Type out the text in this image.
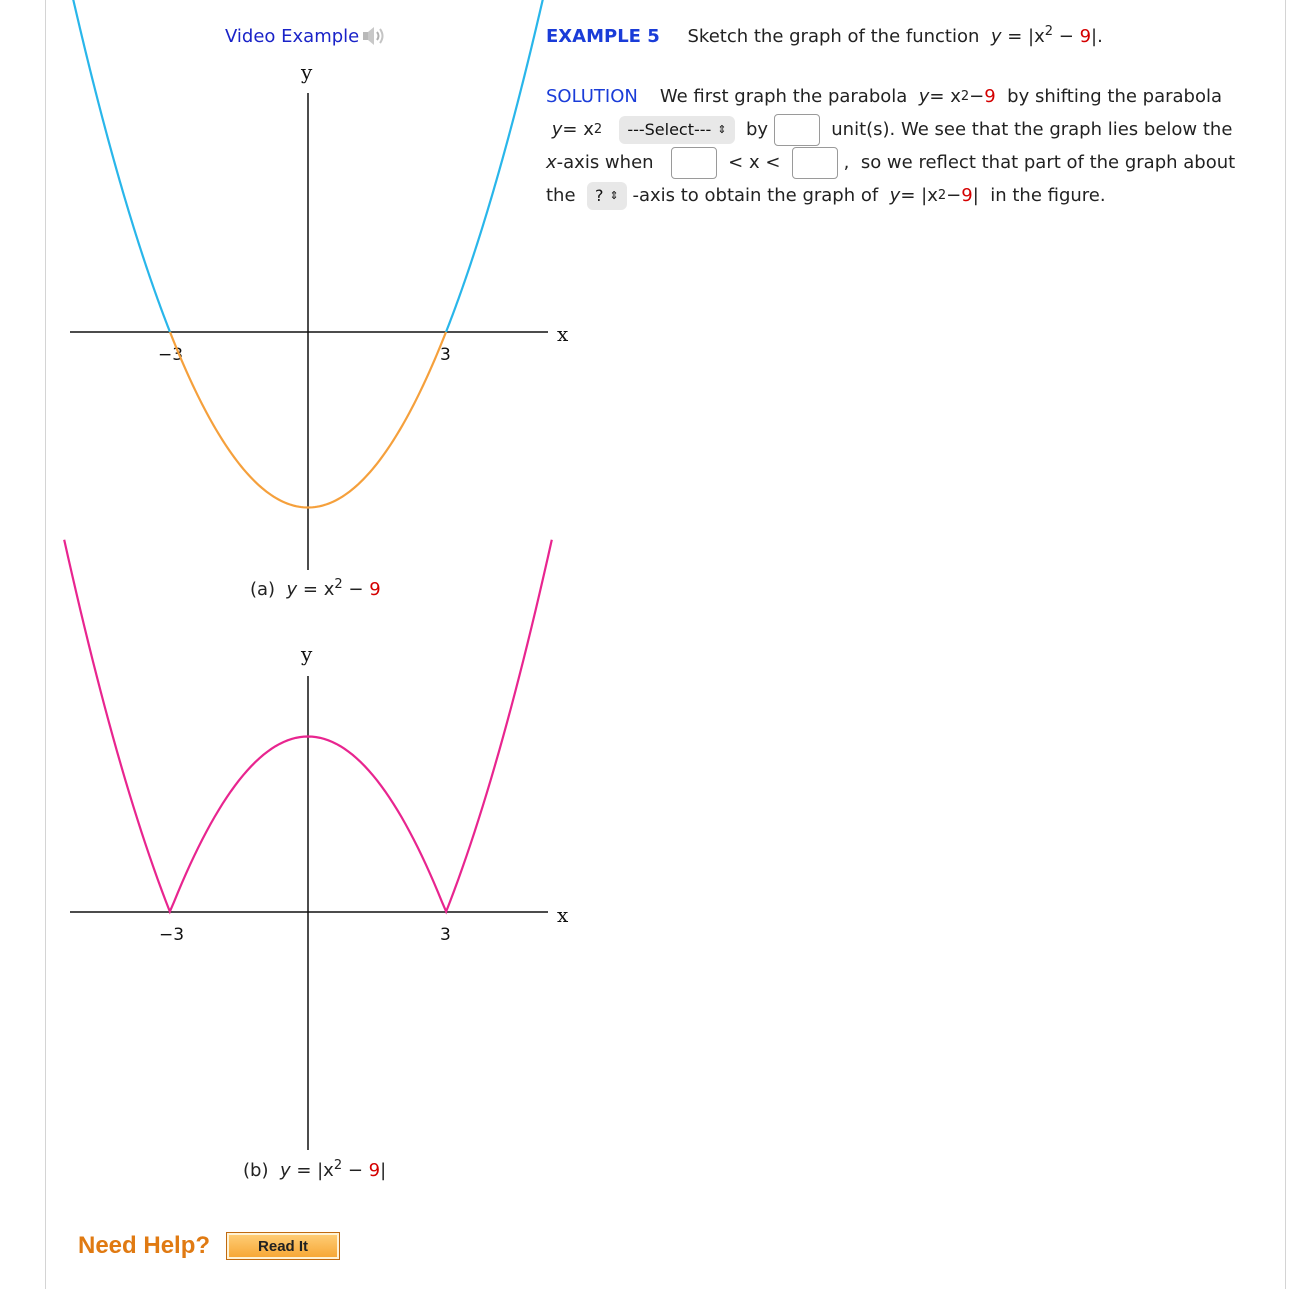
Video Example
y
x
−3	3
(a) $y = x^2 - 9$
y
x
−3	3
(b) $y = |x^2 - 9|$
EXAMPLE 5 Sketch the graph of the function $y = |x^2 - 9|$.
SOLUTION We first graph the parabola
y = x 2 − 9
by shifting the parabola

y = x 2
---Select--- ⇕
by

	unit(s). We see that the graph lies below the
x -axis when

	< x <

	,
so we reflect that part of the graph about
the
? ⇕
-axis to obtain the graph of
y = |x 2 − 9 |
in the figure.
Need Help?	Read It
